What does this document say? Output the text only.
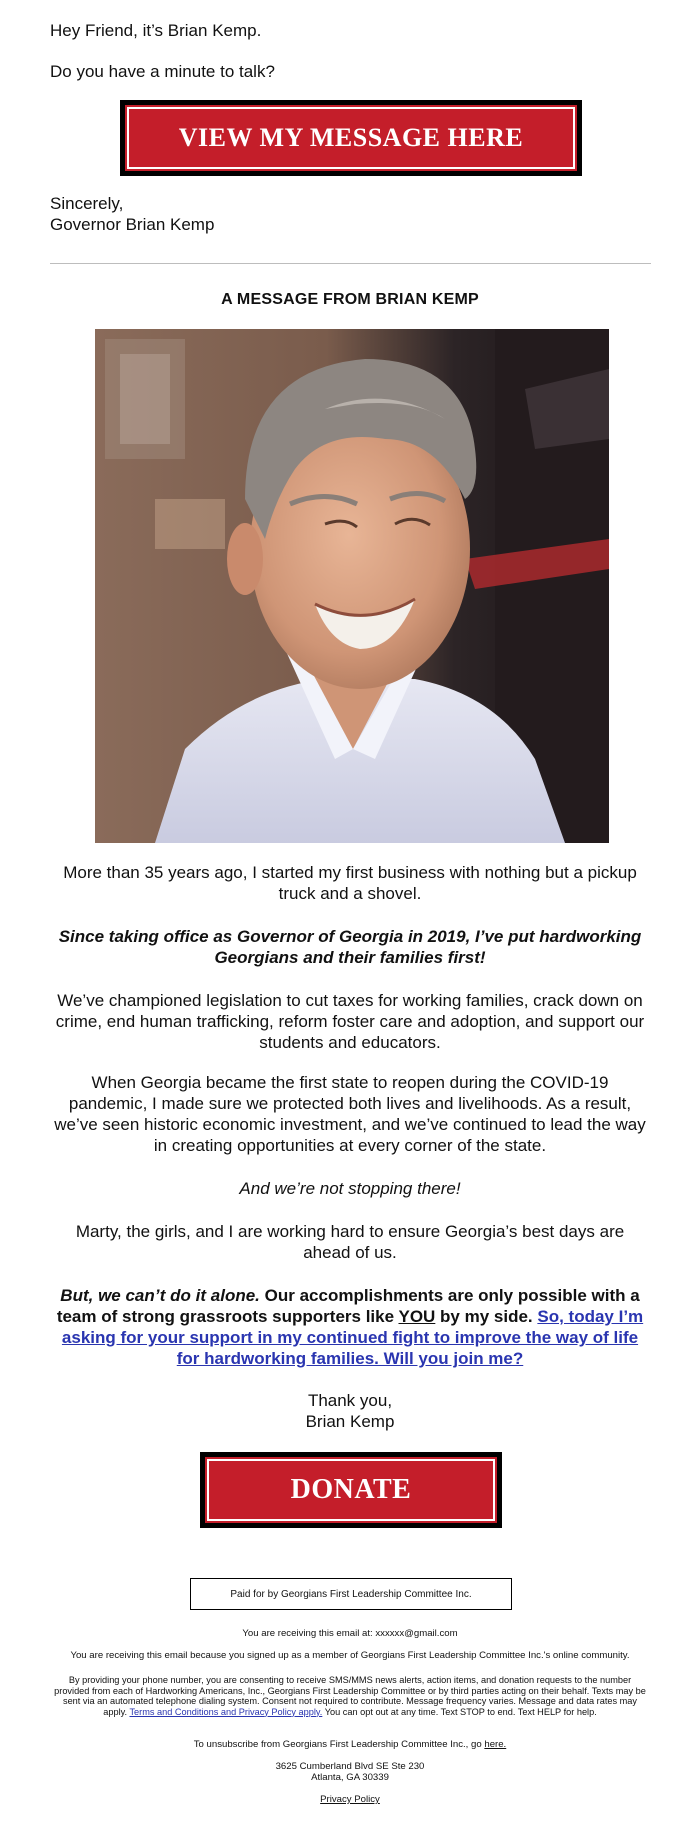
Hey Friend, it’s Brian Kemp.

Do you have a minute to talk?

VIEW MY MESSAGE HERE
Sincerely,
Governor Brian Kemp
A MESSAGE FROM BRIAN KEMP

More than 35 years ago, I started my first business with nothing but a pickup truck and a shovel.

Since taking office as Governor of Georgia in 2019, I’ve put hardworking Georgians and their families first!

We’ve championed legislation to cut taxes for working families, crack down on crime, end human trafficking, reform foster care and adoption, and support our students and educators.

When Georgia became the first state to reopen during the COVID-19 pandemic, I made sure we protected both lives and livelihoods. As a result, we’ve seen historic economic investment, and we’ve continued to lead the way in creating opportunities at every corner of the state.

And we’re not stopping there!

Marty, the girls, and I are working hard to ensure Georgia’s best days are ahead of us.

But, we can’t do it alone. Our accomplishments are only possible with a team of strong grassroots supporters like YOU by my side. So, today I’m asking for your support in my continued fight to improve the way of life for hardworking families. Will you join me?

Thank you,

Brian Kemp

DONATE
Paid for by Georgians First Leadership Committee Inc.
You are receiving this email at: xxxxxx@gmail.com
You are receiving this email because you signed up as a member of Georgians First Leadership Committee Inc.'s online community.
By providing your phone number, you are consenting to receive SMS/MMS news alerts, action items, and donation requests to the number provided from each of Hardworking Americans, Inc., Georgians First Leadership Committee or by third parties acting on their behalf. Texts may be sent via an automated telephone dialing system. Consent not required to contribute. Message frequency varies. Message and data rates may apply. Terms and Conditions and Privacy Policy apply. You can opt out at any time. Text STOP to end. Text HELP for help.
To unsubscribe from Georgians First Leadership Committee Inc., go here.
3625 Cumberland Blvd SE Ste 230
Atlanta, GA 30339
Privacy Policy
